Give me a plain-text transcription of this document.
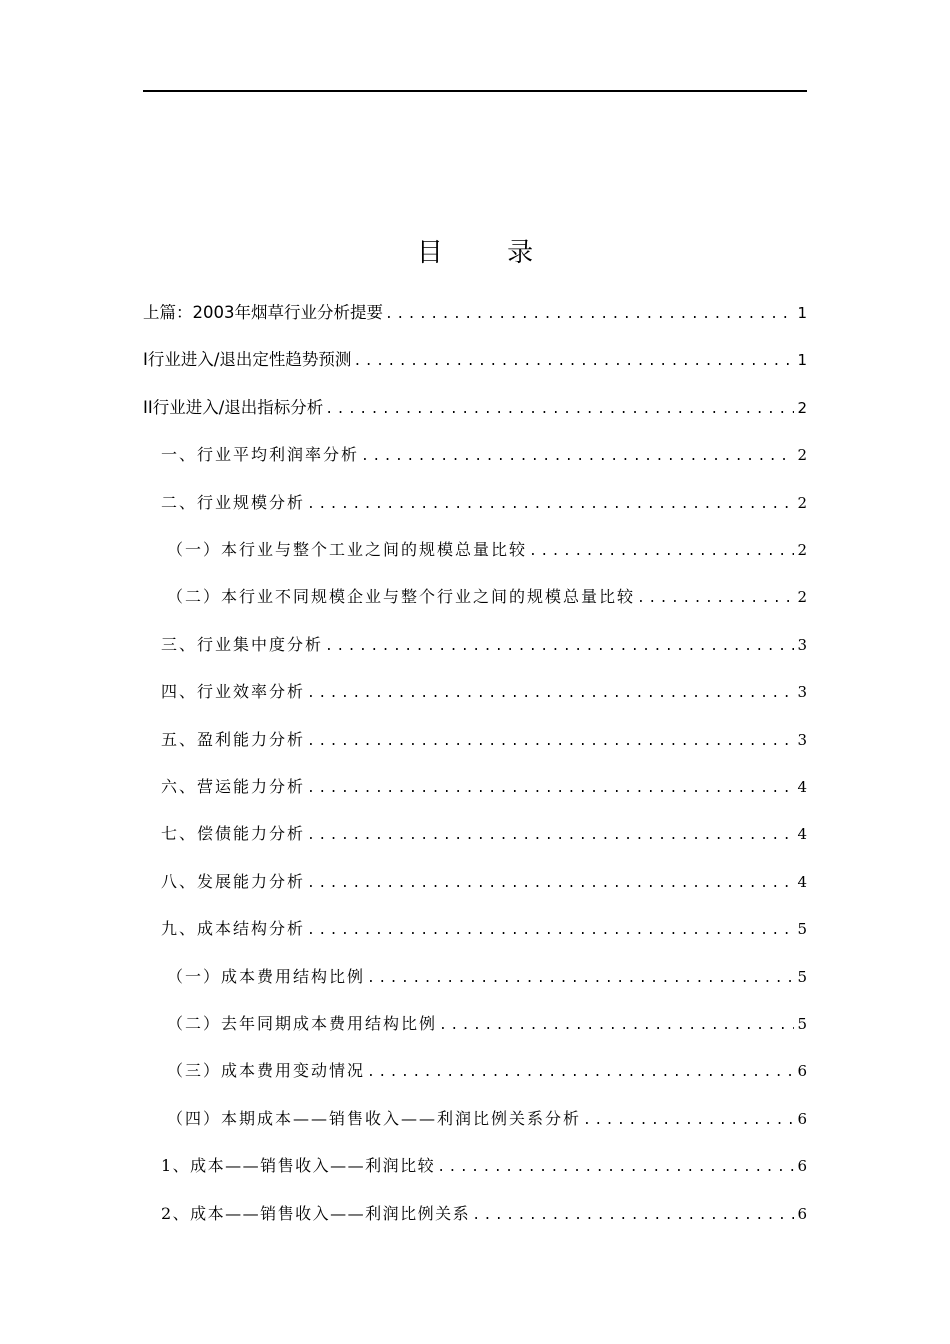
目 录
上篇：2003年烟草行业分析提要 .....	1
I行业进入/退出定性趋势预测 .....	1
II行业进入/退出指标分析 .....	2
一、行业平均利润率分析 .....	2
二、行业规模分析 .....	2
（一）本行业与整个工业之间的规模总量比较 .....	2
（二）本行业不同规模企业与整个行业之间的规模总量比较 .....	2
三、行业集中度分析 .....	3
四、行业效率分析 .....	3
五、盈利能力分析 .....	3
六、营运能力分析 .....	4
七、偿债能力分析 .....	4
八、发展能力分析 .....	4
九、成本结构分析 .....	5
（一）成本费用结构比例 .....	5
（二）去年同期成本费用结构比例 .....	5
（三）成本费用变动情况 .....	6
（四）本期成本——销售收入——利润比例关系分析 .....	6
1、成本——销售收入——利润比较 .....	6
2、成本——销售收入——利润比例关系 .....	6
